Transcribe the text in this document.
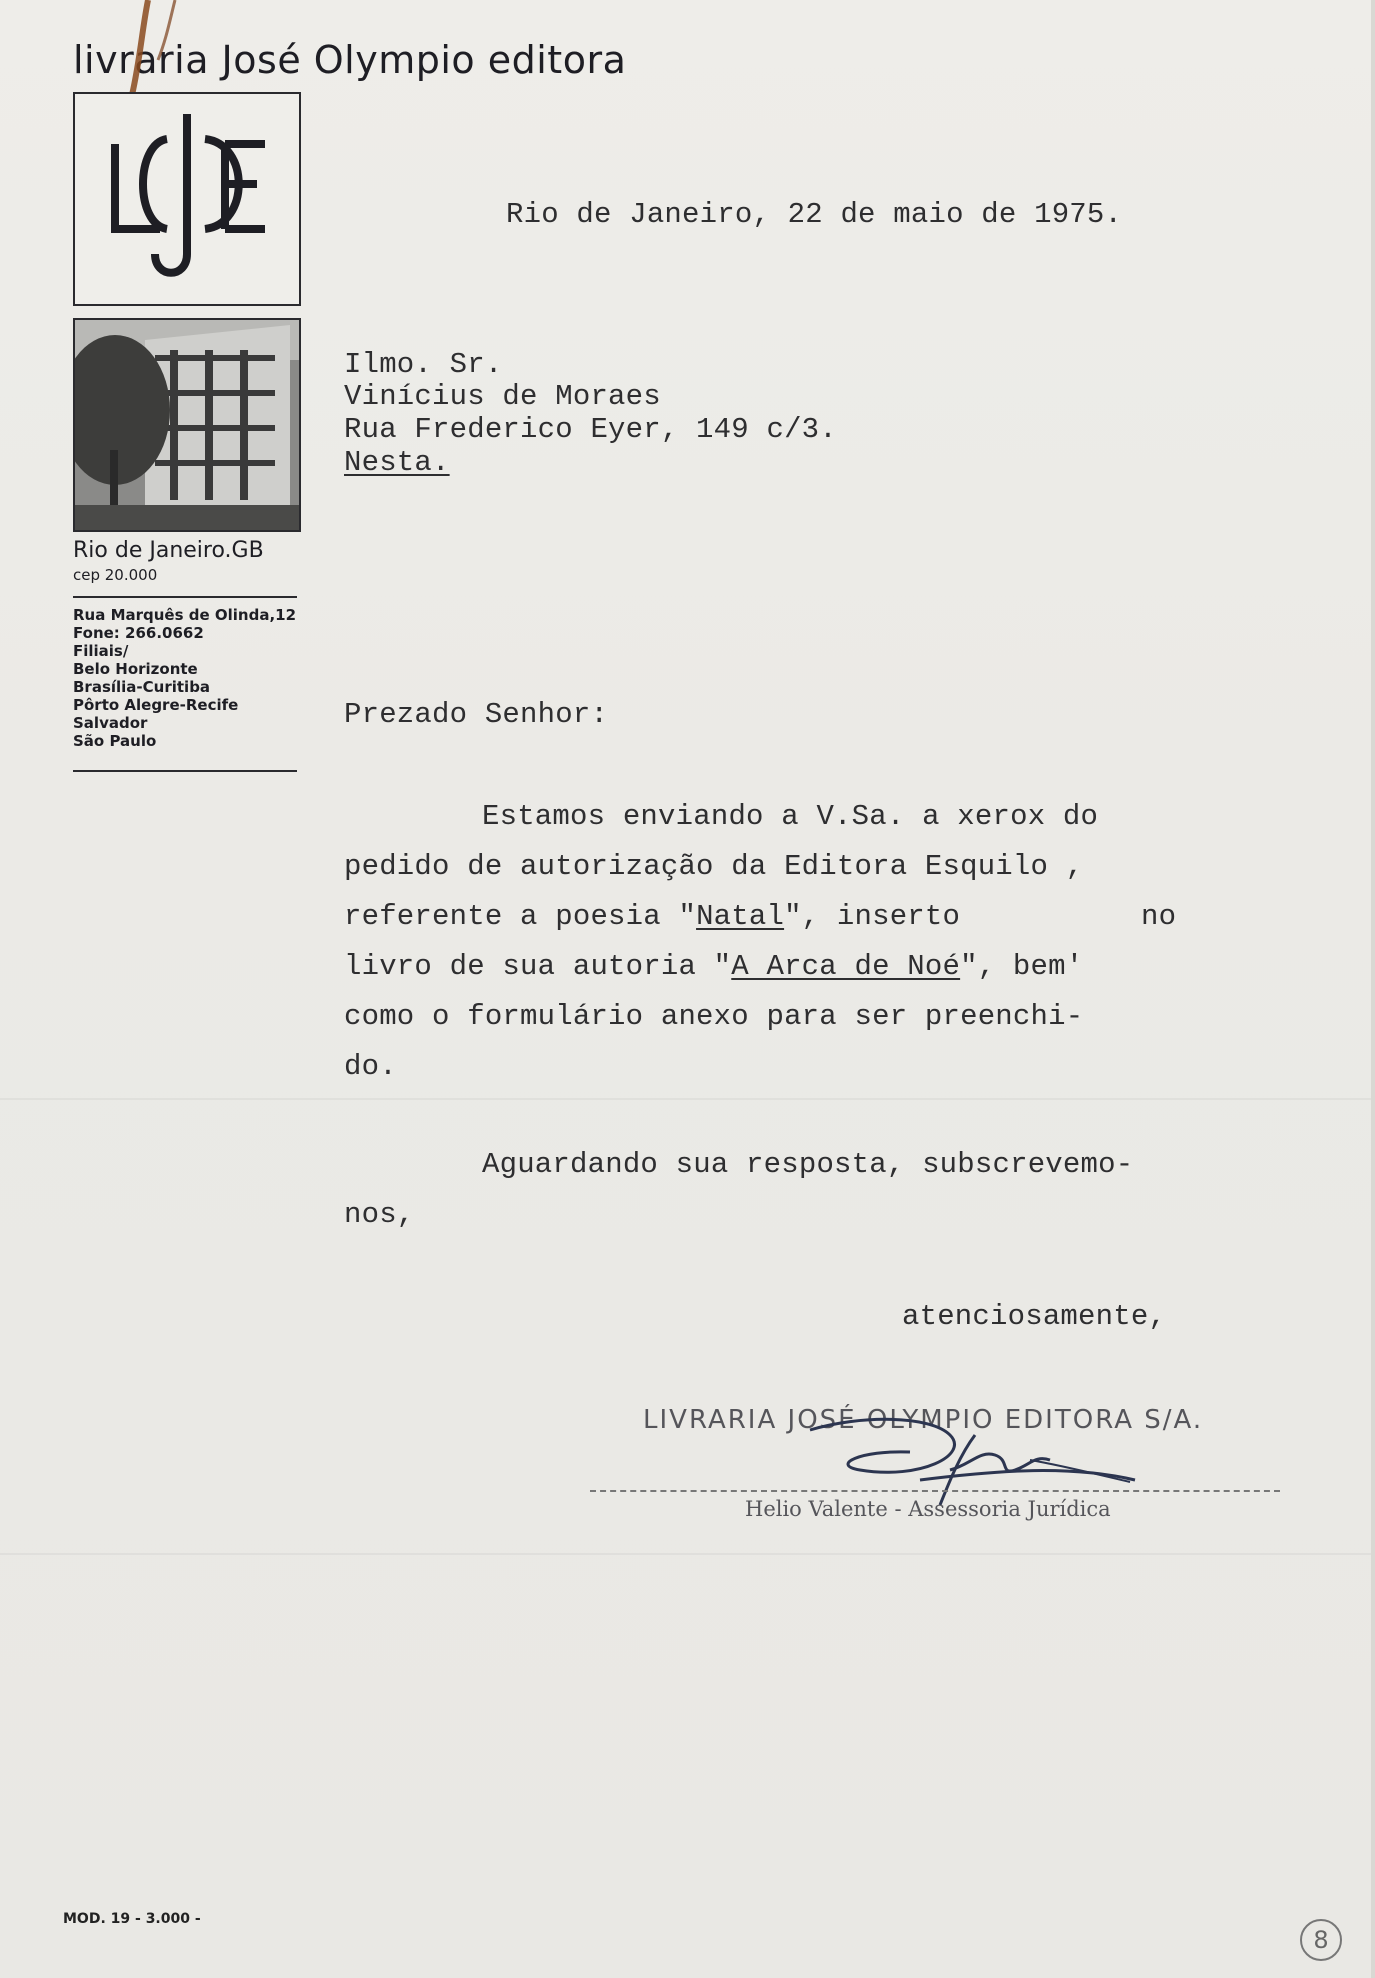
livraria José Olympio editora
Rio de Janeiro.GB
cep 20.000
Rua Marquês de Olinda,12
Fone: 266.0662
Filiais/
Belo Horizonte
Brasília-Curitiba
Pôrto Alegre-Recife
Salvador
São Paulo
Rio de Janeiro, 22 de maio de 1975.
Ilmo. Sr.
Vinícius de Moraes
Rua Frederico Eyer, 149 c/3.
Nesta.
Prezado Senhor:
Estamos enviando a V.Sa. a xerox do
pedido de autorização da Editora Esquilo ,
referente a poesia "Natal", inserto	no
livro de sua autoria "A Arca de Noé", bem'
como o formulário anexo para ser preenchi-
do.
Aguardando sua resposta, subscrevemo-
nos,
atenciosamente,
LIVRARIA JOSÉ OLYMPIO EDITORA S/A.
Helio Valente - Assessoria Jurídica
MOD. 19 - 3.000 -
8
